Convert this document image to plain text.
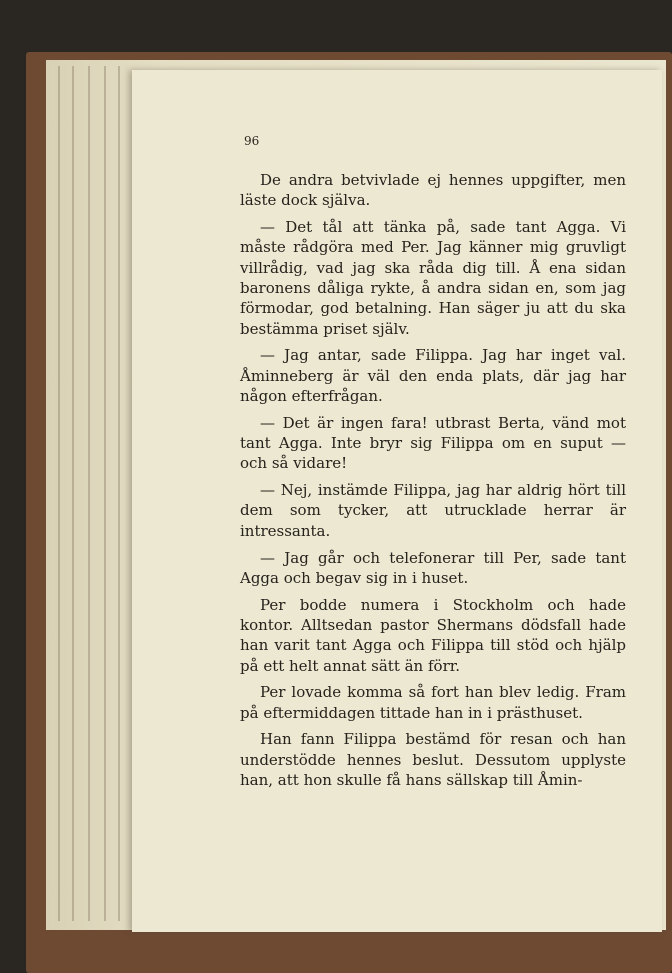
96

De andra betvivlade ej hennes uppgifter, men läste dock själva.

— Det tål att tänka på, sade tant Agga. Vi måste rådgöra med Per. Jag känner mig gruvligt villrådig, vad jag ska råda dig till. Å ena sidan baronens dåliga rykte, å andra sidan en, som jag förmodar, god betalning. Han säger ju att du ska bestämma priset själv.

— Jag antar, sade Filippa. Jag har inget val. Åminneberg är väl den enda plats, där jag har någon efterfrågan.

— Det är ingen fara! utbrast Berta, vänd mot tant Agga. Inte bryr sig Filippa om en suput — och så vidare!

— Nej, instämde Filippa, jag har aldrig hört till dem som tycker, att utrucklade herrar är intressanta.

— Jag går och telefonerar till Per, sade tant Agga och begav sig in i huset.

Per bodde numera i Stockholm och hade kontor. Alltsedan pastor Shermans dödsfall hade han varit tant Agga och Filippa till stöd och hjälp på ett helt annat sätt än förr.

Per lovade komma så fort han blev ledig. Fram på eftermiddagen tittade han in i prästhuset.

Han fann Filippa bestämd för resan och han understödde hennes beslut. Dessutom upplyste han, att hon skulle få hans sällskap till Åmin-
